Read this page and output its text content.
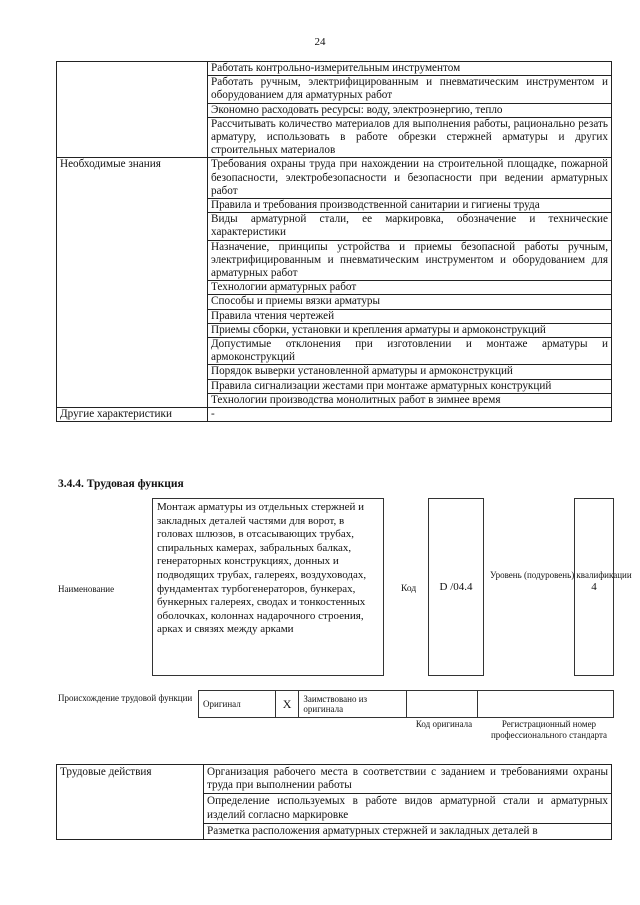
24
	Работать контрольно-измерительным инструментом
	Работать ручным, электрифицированным и пневматическим инструментом и оборудованием для арматурных работ
	Экономно расходовать ресурсы: воду, электроэнергию, тепло
	Рассчитывать количество материалов для выполнения работы, рационально резать арматуру, использовать в работе обрезки стержней арматуры и других строительных материалов
Необходимые знания	Требования охраны труда при нахождении на строительной площадке, пожарной безопасности, электробезопасности и безопасности при ведении арматурных работ
	Правила и требования производственной санитарии и гигиены труда
	Виды арматурной стали, ее маркировка, обозначение и технические характеристики
	Назначение, принципы устройства и приемы безопасной работы ручным, электрифицированным и пневматическим инструментом и оборудованием для арматурных работ
	Технологии арматурных работ
	Способы и приемы вязки арматуры
	Правила чтения чертежей
	Приемы сборки, установки и крепления арматуры и армоконструкций
	Допустимые отклонения при изготовлении и монтаже арматуры и армоконструкций
	Порядок выверки установленной арматуры и армоконструкций
	Правила сигнализации жестами при монтаже арматурных конструкций
	Технологии производства монолитных работ в зимнее время
Другие характеристики	-
3.4.4. Трудовая функция
Наименование
Монтаж арматуры из отдельных стержней и закладных деталей частями для ворот, в головах шлюзов, в отсасывающих трубах, спиральных камерах, забральных балках, генераторных конструкциях, донных и подводящих трубах, галереях, воздуховодах, фундаментах турбогенераторов, бункерах, бункерных галереях, сводах и тонкостенных оболочках, колоннах надарочного строения, арках и связях между арками
Код D /04.4
Уровень (подуровень) квалификации
4
Происхождение трудовой функции
Оригинал	X	Заимствовано из оригинала		
Код оригинала	Регистрационный номер профессионального стандарта
Трудовые действия	Организация рабочего места в соответствии с заданием и требованиями охраны труда при выполнении работы
Определение используемых в работе видов арматурной стали и арматурных изделий согласно маркировке
Разметка расположения арматурных стержней и закладных деталей в
